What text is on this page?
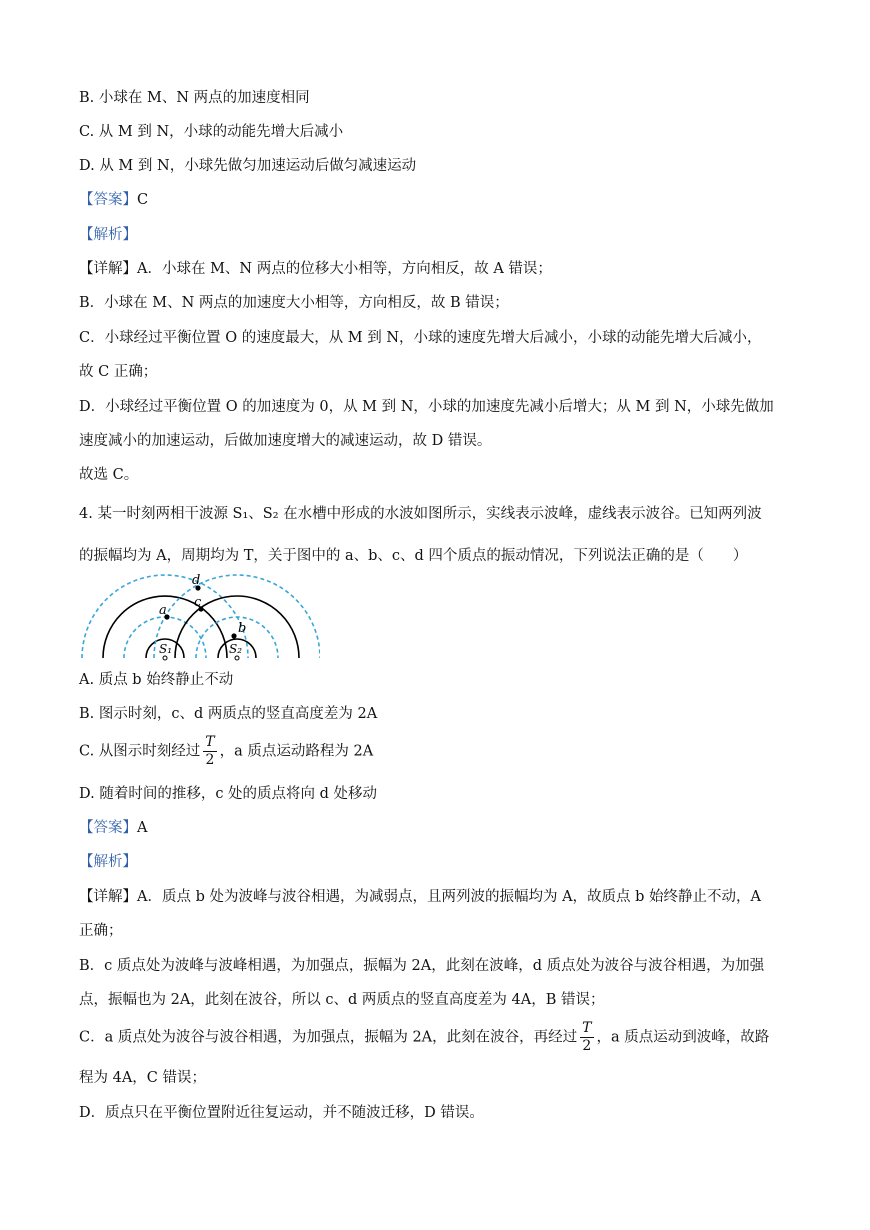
B. 小球在 M、N 两点的加速度相同
C. 从 M 到 N，小球的动能先增大后减小
D. 从 M 到 N，小球先做匀加速运动后做匀减速运动
【答案】C
【解析】
【详解】A．小球在 M、N 两点的位移大小相等，方向相反，故 A 错误；
B．小球在 M、N 两点的加速度大小相等，方向相反，故 B 错误；
C．小球经过平衡位置 O 的速度最大，从 M 到 N，小球的速度先增大后减小，小球的动能先增大后减小，
故 C 正确；
D．小球经过平衡位置 O 的加速度为 0，从 M 到 N，小球的加速度先减小后增大；从 M 到 N，小球先做加
速度减小的加速运动，后做加速度增大的减速运动，故 D 错误。
故选 C。
4. 某一时刻两相干波源 S₁、S₂ 在水槽中形成的水波如图所示，实线表示波峰，虚线表示波谷。已知两列波
的振幅均为 A，周期均为 T，关于图中的 a、b、c、d 四个质点的振动情况，下列说法正确的是（　　）
d
c
a
b
S₁	S₂
A. 质点 b 始终静止不动
B. 图示时刻，c、d 两质点的竖直高度差为 2A
C. 从图示时刻经过 $\frac{T}{2}$ ，a 质点运动路程为 2A
D. 随着时间的推移，c 处的质点将向 d 处移动
【答案】A
【解析】
【详解】A．质点 b 处为波峰与波谷相遇，为减弱点，且两列波的振幅均为 A，故质点 b 始终静止不动，A
正确；
B．c 质点处为波峰与波峰相遇，为加强点，振幅为 2A，此刻在波峰，d 质点处为波谷与波谷相遇，为加强
点，振幅也为 2A，此刻在波谷，所以 c、d 两质点的竖直高度差为 4A，B 错误；
C．a 质点处为波谷与波谷相遇，为加强点，振幅为 2A，此刻在波谷，再经过 $\frac{T}{2}$ ，a 质点运动到波峰，故路
程为 4A，C 错误；
D．质点只在平衡位置附近往复运动，并不随波迁移，D 错误。
